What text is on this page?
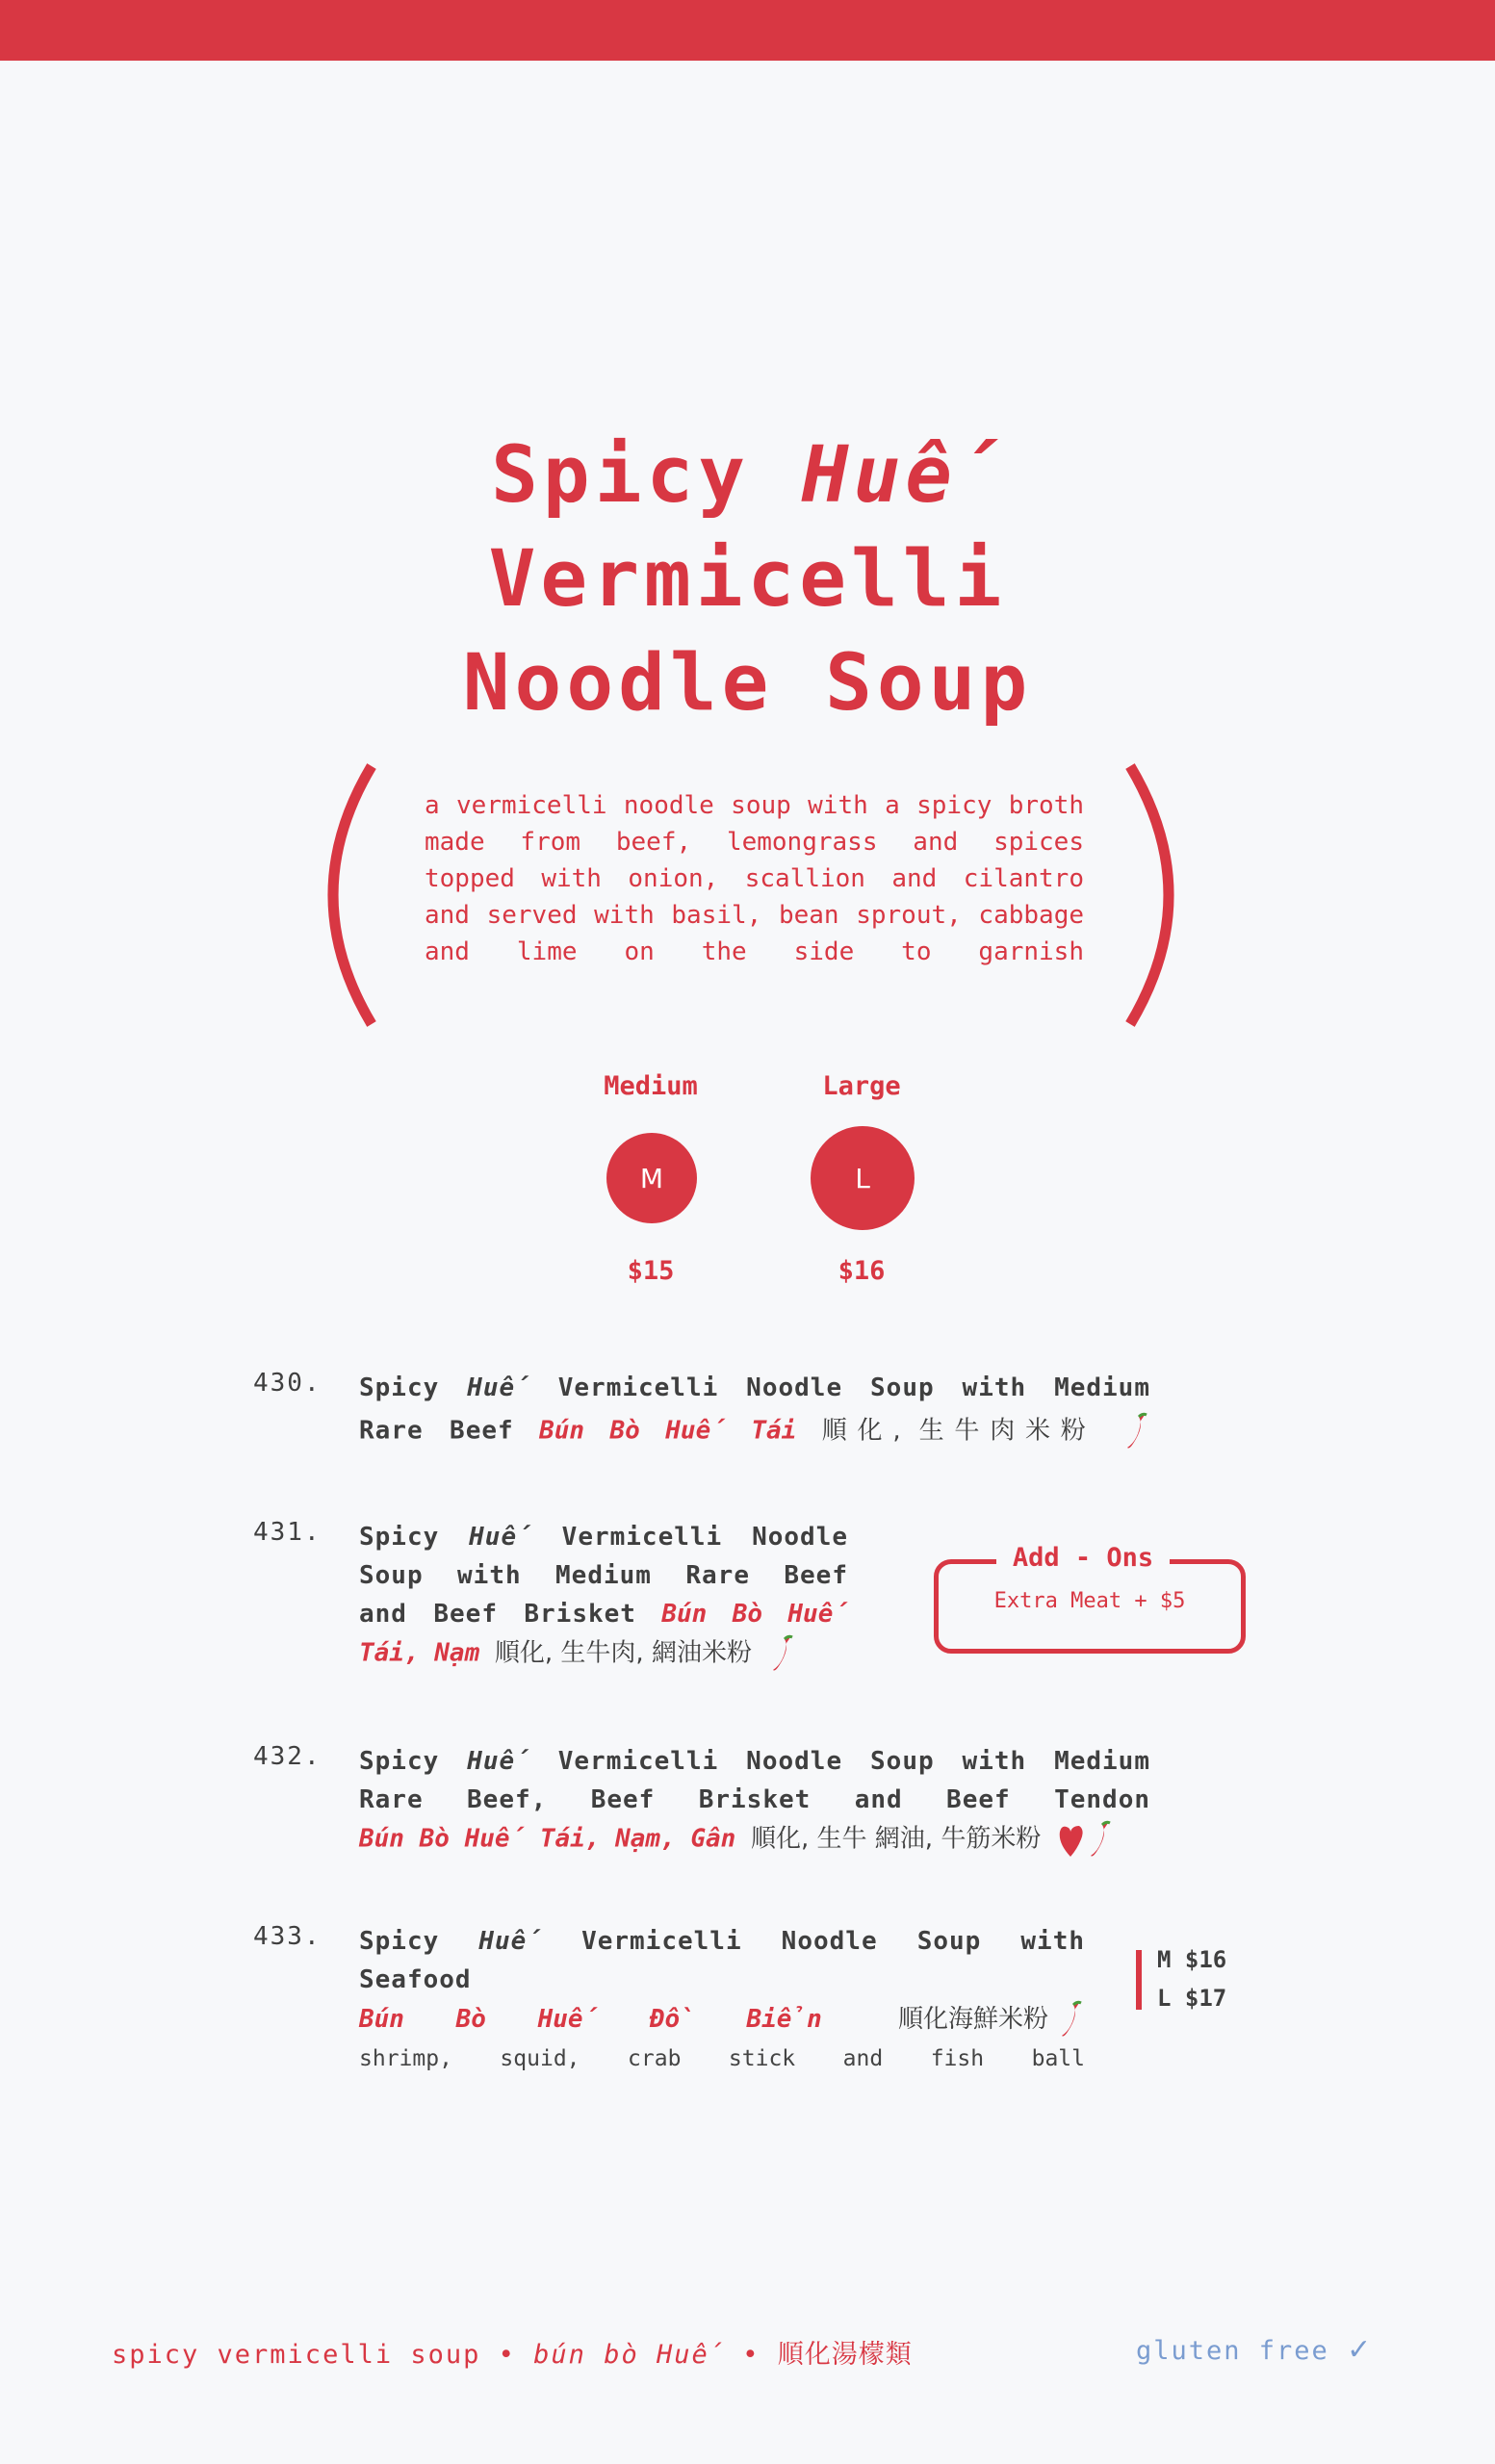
Spicy Huế
Vermicelli
Noodle Soup
a vermicelli noodle soup with a spicy broth made from beef, lemongrass and spices topped with onion, scallion and cilantro and served with basil, bean sprout, cabbage and lime on the side to garnish
Medium	Large
M	L
$15	$16
430. Spicy Huế Vermicelli Noodle Soup with Medium
Rare Beef Bún Bò Huế Tái 順化, 生牛肉米粉
431. Spicy Huế Vermicelli Noodle
Soup with Medium Rare Beef
and Beef Brisket Bún Bò Huế
Tái, Nạm 順化, 生牛肉, 網油米粉
Add - Ons
Extra Meat + $5
432. Spicy Huế Vermicelli Noodle Soup with Medium
Rare Beef, Beef Brisket and Beef Tendon
Bún Bò Huế Tái, Nạm, Gân 順化, 生牛 網油, 牛筋米粉
433. Spicy Huế Vermicelli Noodle Soup with Seafood
Bún Bò Huế Đồ Biển	順化海鮮米粉
shrimp, squid, crab stick and fish ball
M $16
L $17
spicy vermicelli soup • bún bò Huế • 順化湯檬類	gluten free ✓
